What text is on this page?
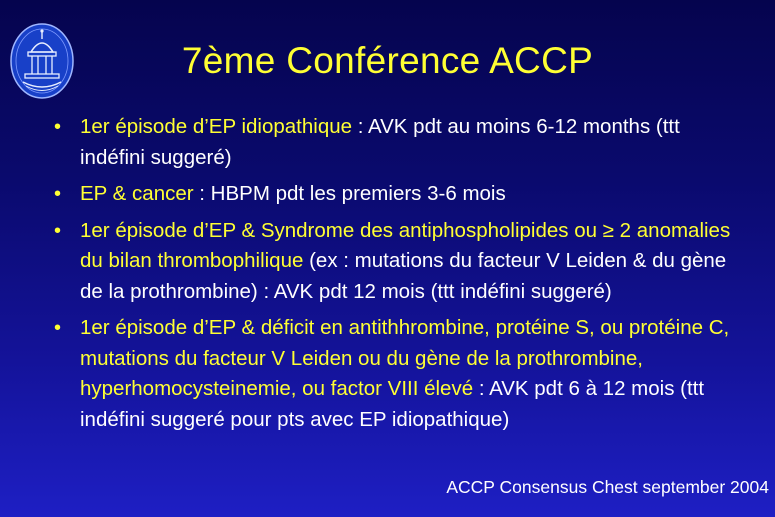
7ème Conférence ACCP
• 1er épisode d’EP idiopathique : AVK pdt au moins 6-12 months (ttt indéfini suggeré)
• EP & cancer : HBPM pdt les premiers 3-6 mois
• 1er épisode d’EP & Syndrome des antiphospholipides ou ≥ 2 anomalies du bilan thrombophilique (ex : mutations du facteur V Leiden & du gène de la prothrombine) : AVK pdt 12 mois (ttt indéfini suggeré)
• 1er épisode d’EP & déficit en antithhrombine, protéine S, ou protéine C, mutations du facteur V Leiden ou du gène de la prothrombine, hyperhomocysteinemie, ou factor VIII élevé : AVK pdt 6 à 12 mois (ttt indéfini suggeré pour pts avec EP idiopathique)
ACCP Consensus Chest september 2004
